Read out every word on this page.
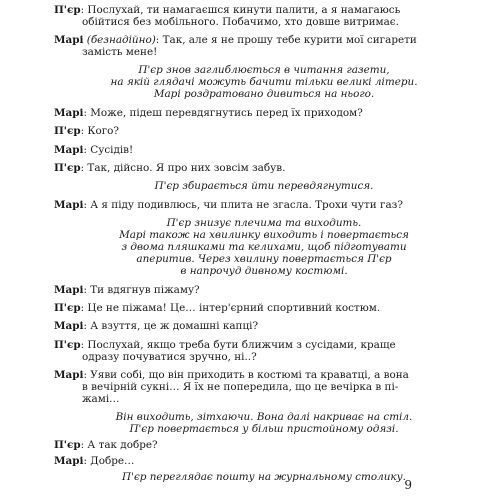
П'єр: Послухай, ти намагаєшся кинути палити, а я намагаюсь
обійтися без мобільного. Побачимо, хто довше витримає.
Марі (безнадійно): Так, але я не прошу тебе курити мої сигарети
замість мене!
П'єр знов заглиблюється в читання газети,
на якій глядачі можуть бачити тільки великі літери.
Марі роздратовано дивиться на нього.
Марі: Може, підеш перевдягнутись перед їх приходом?
П'єр: Кого?
Марі: Сусідів!
П'єр: Так, дійсно. Я про них зовсім забув.
П'єр збирається йти перевдягнутися.
Марі: А я піду подивлюсь, чи плита не згасла. Трохи чути газ?
П'єр знизує плечима та виходить.
Марі також на хвилинку виходить і повертається
з двома пляшками та келихами, щоб підготувати
аперитив. Через хвилину повертається П'єр
в напрочуд дивному костюмі.
Марі: Ти вдягнув піжаму?
П'єр: Це не піжама! Це… інтер'єрний спортивний костюм.
Марі: А взуття, це ж домашні капці?
П'єр: Послухай, якщо треба бути ближчим з сусідами, краще
одразу почуватися зручно, ні..?
Марі: Уяви собі, що він приходить в костюмі та краватці, а вона
в вечірній сукні… Я їх не попередила, що це вечірка в пі-
жамі…
Він виходить, зітхаючи. Вона далі накриває на стіл.
П'єр повертається у більш пристойному одязі.
П'єр: А так добре?
Марі: Добре…
П'єр переглядає пошту на журнальному столику.
9
